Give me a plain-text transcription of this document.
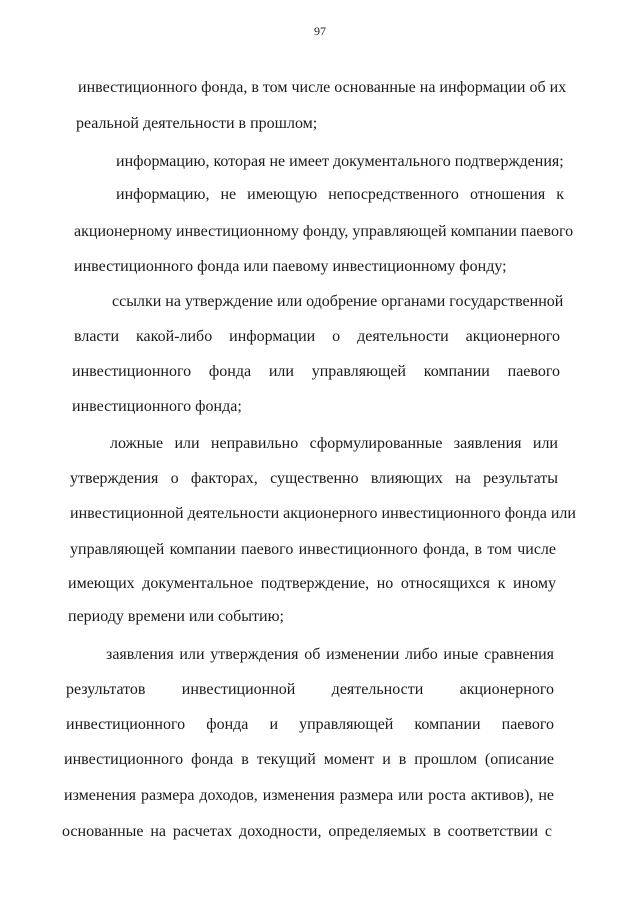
97
инвестиционного фонда, в том числе основанные на информации об их
реальной деятельности в прошлом;
информацию, которая не имеет документального подтверждения;
информацию, не имеющую непосредственного отношения к
акционерному инвестиционному фонду, управляющей компании паевого
инвестиционного фонда или паевому инвестиционному фонду;
ссылки на утверждение или одобрение органами государственной
власти какой-либо информации о деятельности акционерного
инвестиционного фонда или управляющей компании паевого
инвестиционного фонда;
ложные или неправильно сформулированные заявления или
утверждения о факторах, существенно влияющих на результаты
инвестиционной деятельности акционерного инвестиционного фонда или
управляющей компании паевого инвестиционного фонда, в том числе
имеющих документальное подтверждение, но относящихся к иному
периоду времени или событию;
заявления или утверждения об изменении либо иные сравнения
результатов инвестиционной деятельности акционерного
инвестиционного фонда и управляющей компании паевого
инвестиционного фонда в текущий момент и в прошлом (описание
изменения размера доходов, изменения размера или роста активов), не
основанные на расчетах доходности, определяемых в соответствии с
